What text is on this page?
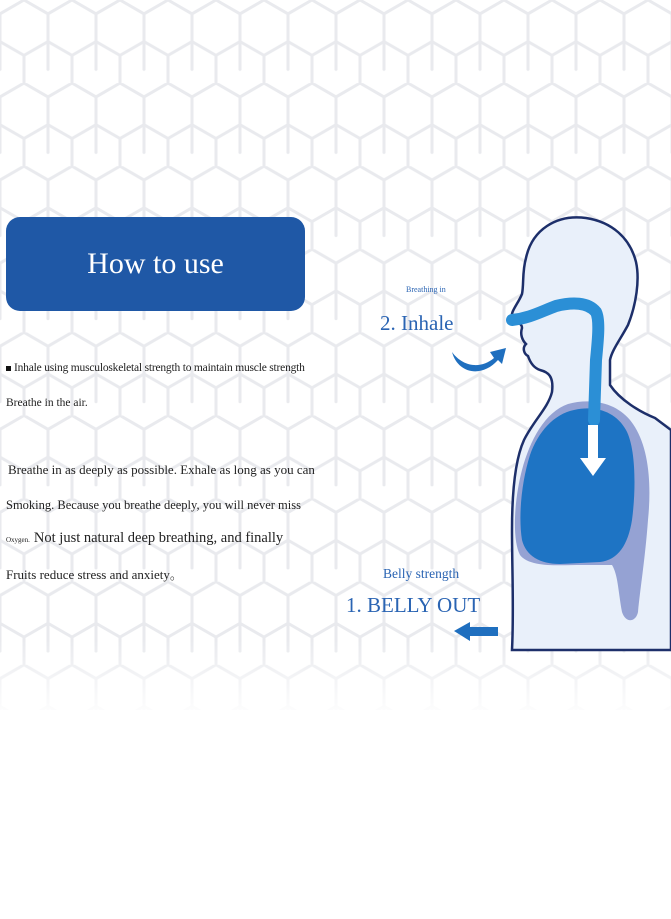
How to use
Inhale using musculoskeletal strength to maintain muscle strength
Breathe in the air.
Breathe in as deeply as possible. Exhale as long as you can
Smoking. Because you breathe deeply, you will never miss
Oxygen. Not just natural deep breathing, and finally
Fruits reduce stress and anxiety。
Breathing in
2. Inhale
Belly strength
1. BELLY OUT
